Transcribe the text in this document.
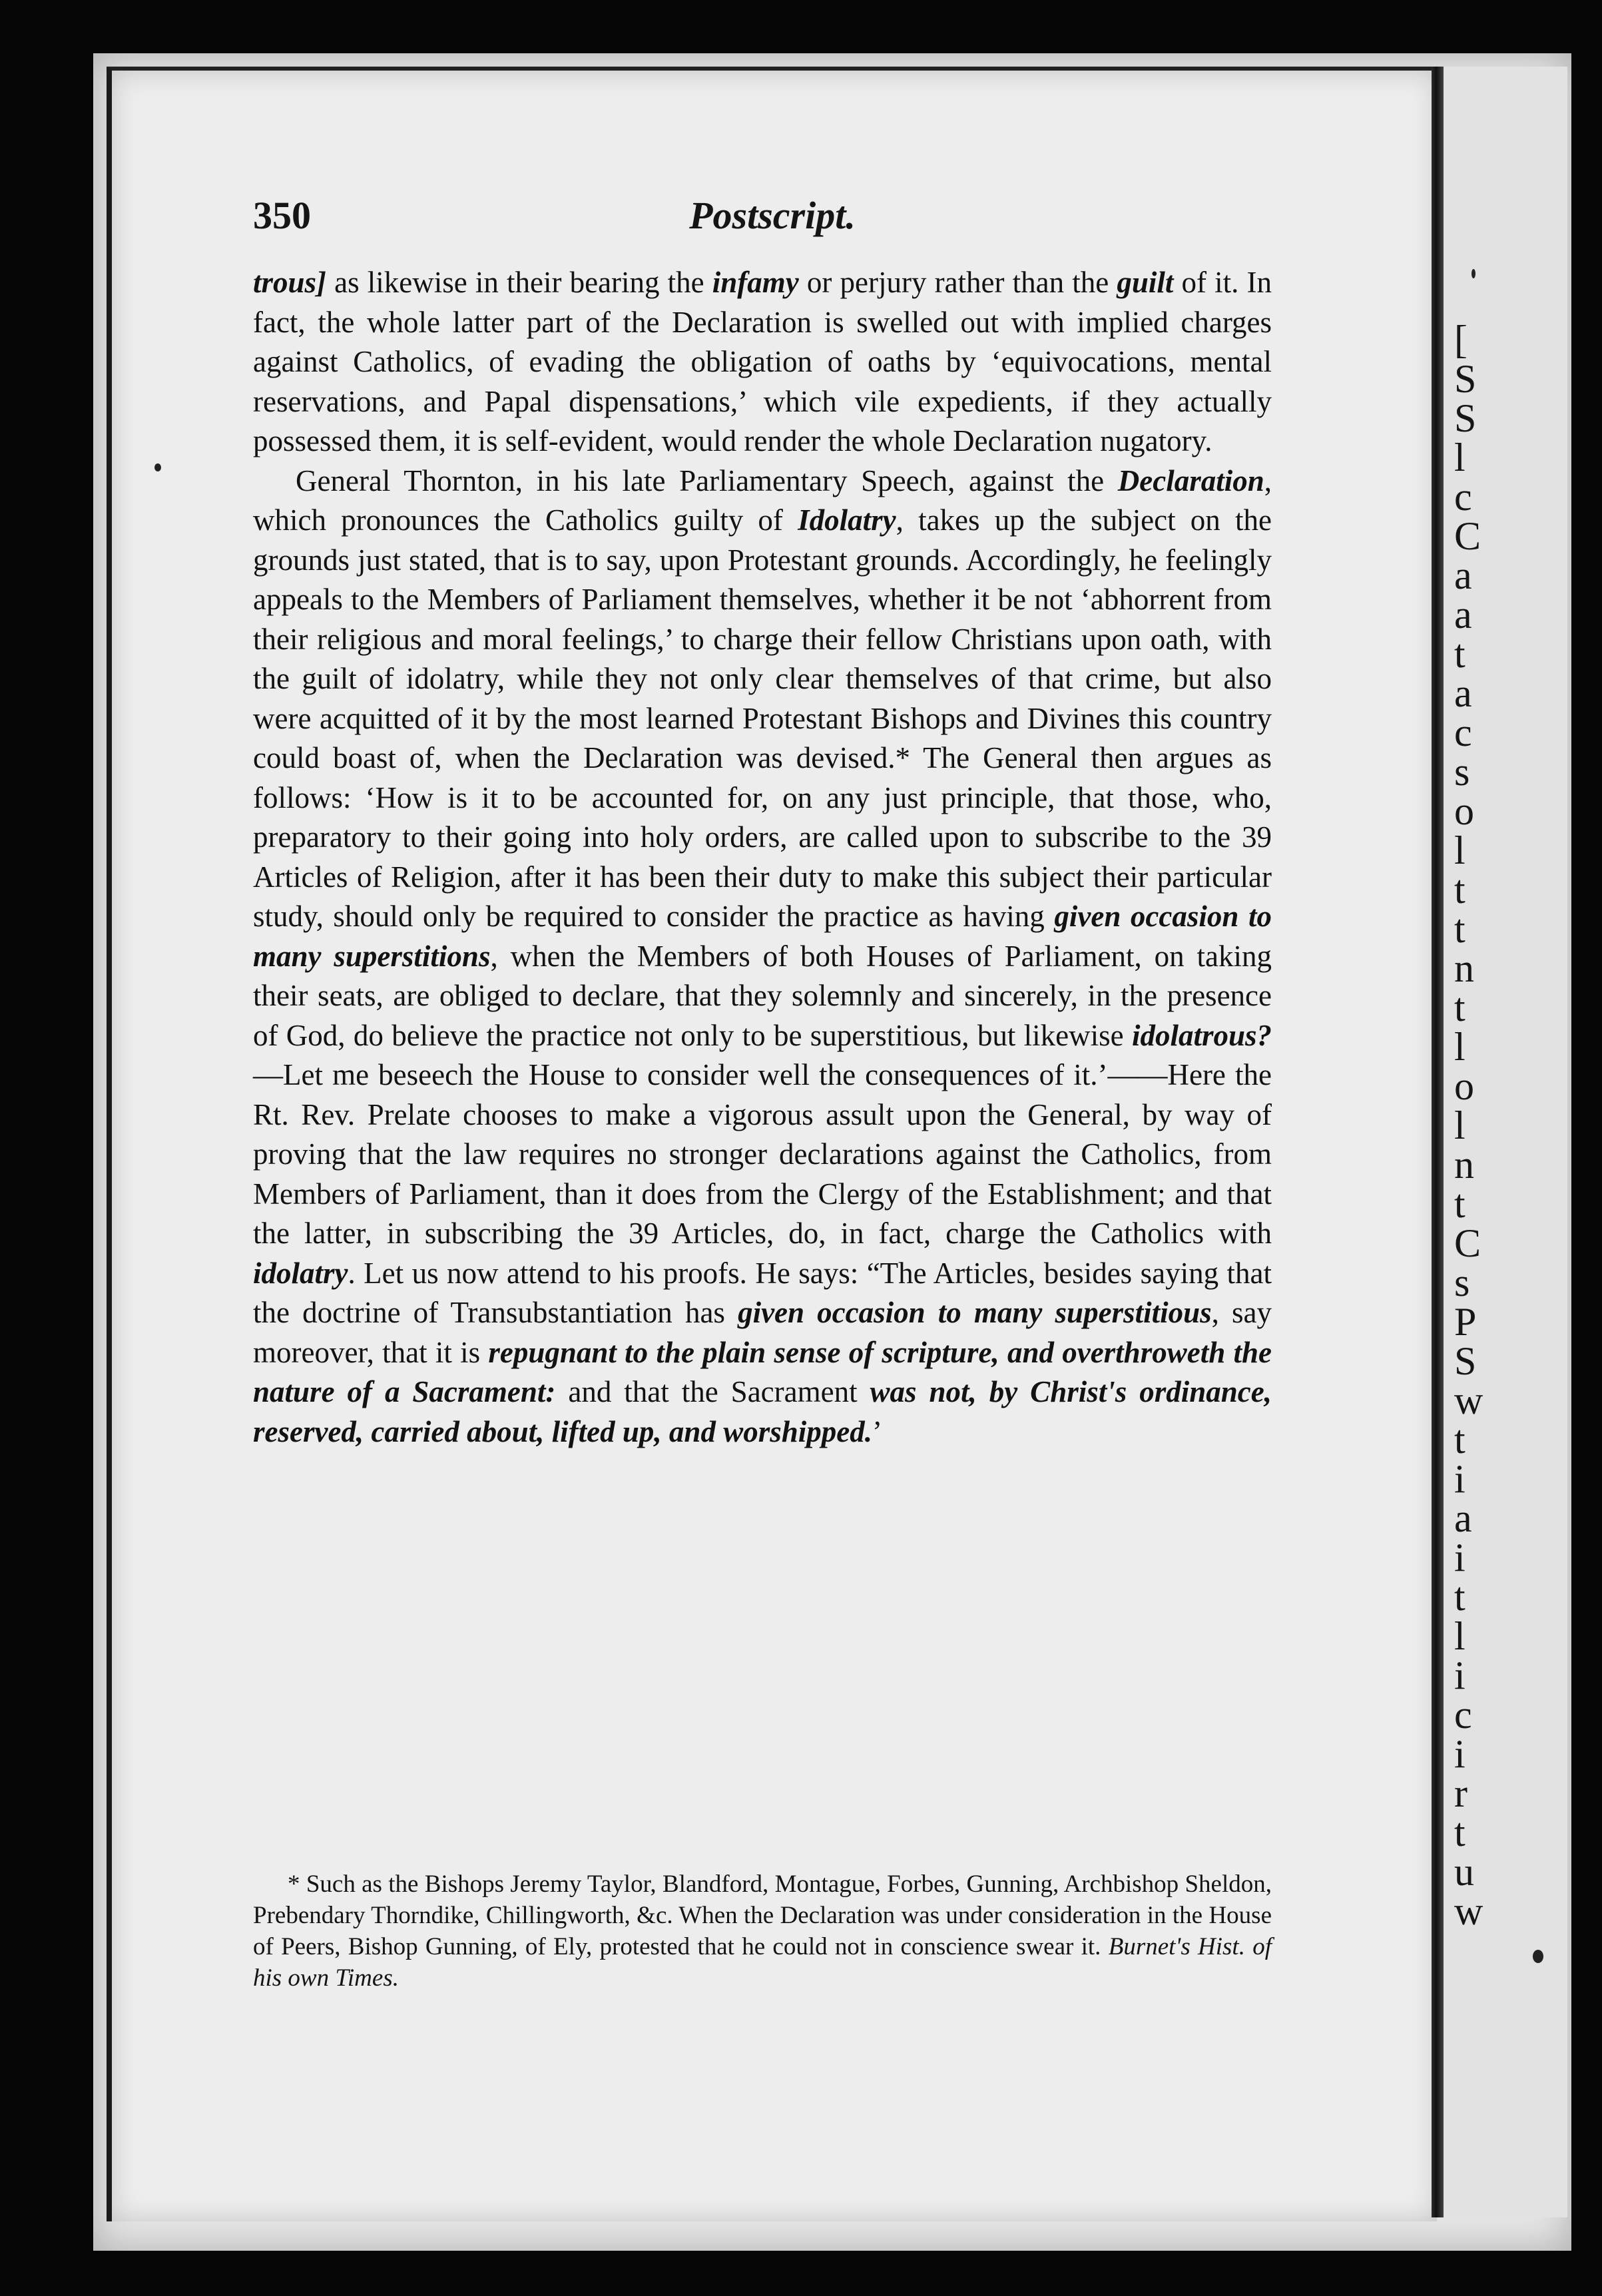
[
S
S
l
c
C
a
a
t
a
c
s
o
l
t
t
n
t
l
o
l
n
t
C
s
P
S
w
t
i
a
i
t
l
i
c
i
r
t
u
w
350	Postscript.

trous] as likewise in their bearing the infamy or perjury rather than the guilt of it. In fact, the whole latter part of the Declaration is swelled out with implied charges against Catholics, of evading the obligation of oaths by ‘equivocations, mental reservations, and Papal dispensations,’ which vile expedients, if they actually possessed them, it is self-evident, would render the whole Declaration nugatory.

General Thornton, in his late Parliamentary Speech, against the Declaration, which pronounces the Catholics guilty of Idolatry, takes up the subject on the grounds just stated, that is to say, upon Protestant grounds. Accordingly, he feelingly appeals to the Members of Parliament themselves, whether it be not ‘abhorrent from their religious and moral feelings,’ to charge their fellow Christians upon oath, with the guilt of idolatry, while they not only clear themselves of that crime, but also were acquitted of it by the most learned Protestant Bishops and Divines this country could boast of, when the Declaration was devised.* The General then argues as follows: ‘How is it to be accounted for, on any just principle, that those, who, preparatory to their going into holy orders, are called upon to subscribe to the 39 Articles of Religion, after it has been their duty to make this subject their particular study, should only be required to consider the practice as having given occasion to many superstitions, when the Members of both Houses of Parliament, on taking their seats, are obliged to declare, that they solemnly and sincerely, in the presence of God, do believe the practice not only to be superstitious, but likewise idolatrous? —Let me beseech the House to consider well the consequences of it.’——Here the Rt. Rev. Prelate chooses to make a vigorous assult upon the General, by way of proving that the law requires no stronger declarations against the Catholics, from Members of Parliament, than it does from the Clergy of the Establishment; and that the latter, in subscribing the 39 Articles, do, in fact, charge the Catholics with idolatry. Let us now attend to his proofs. He says: “The Articles, besides saying that the doctrine of Transubstantiation has given occasion to many superstitious, say moreover, that it is repugnant to the plain sense of scripture, and overthroweth the nature of a Sacrament: and that the Sacrament was not, by Christ's ordinance, reserved, carried about, lifted up, and worshipped.’

* Such as the Bishops Jeremy Taylor, Blandford, Montague, Forbes, Gunning, Archbishop Sheldon, Prebendary Thorndike, Chillingworth, &c. When the Declaration was under consideration in the House of Peers, Bishop Gunning, of Ely, protested that he could not in conscience swear it. Burnet's Hist. of his own Times.
